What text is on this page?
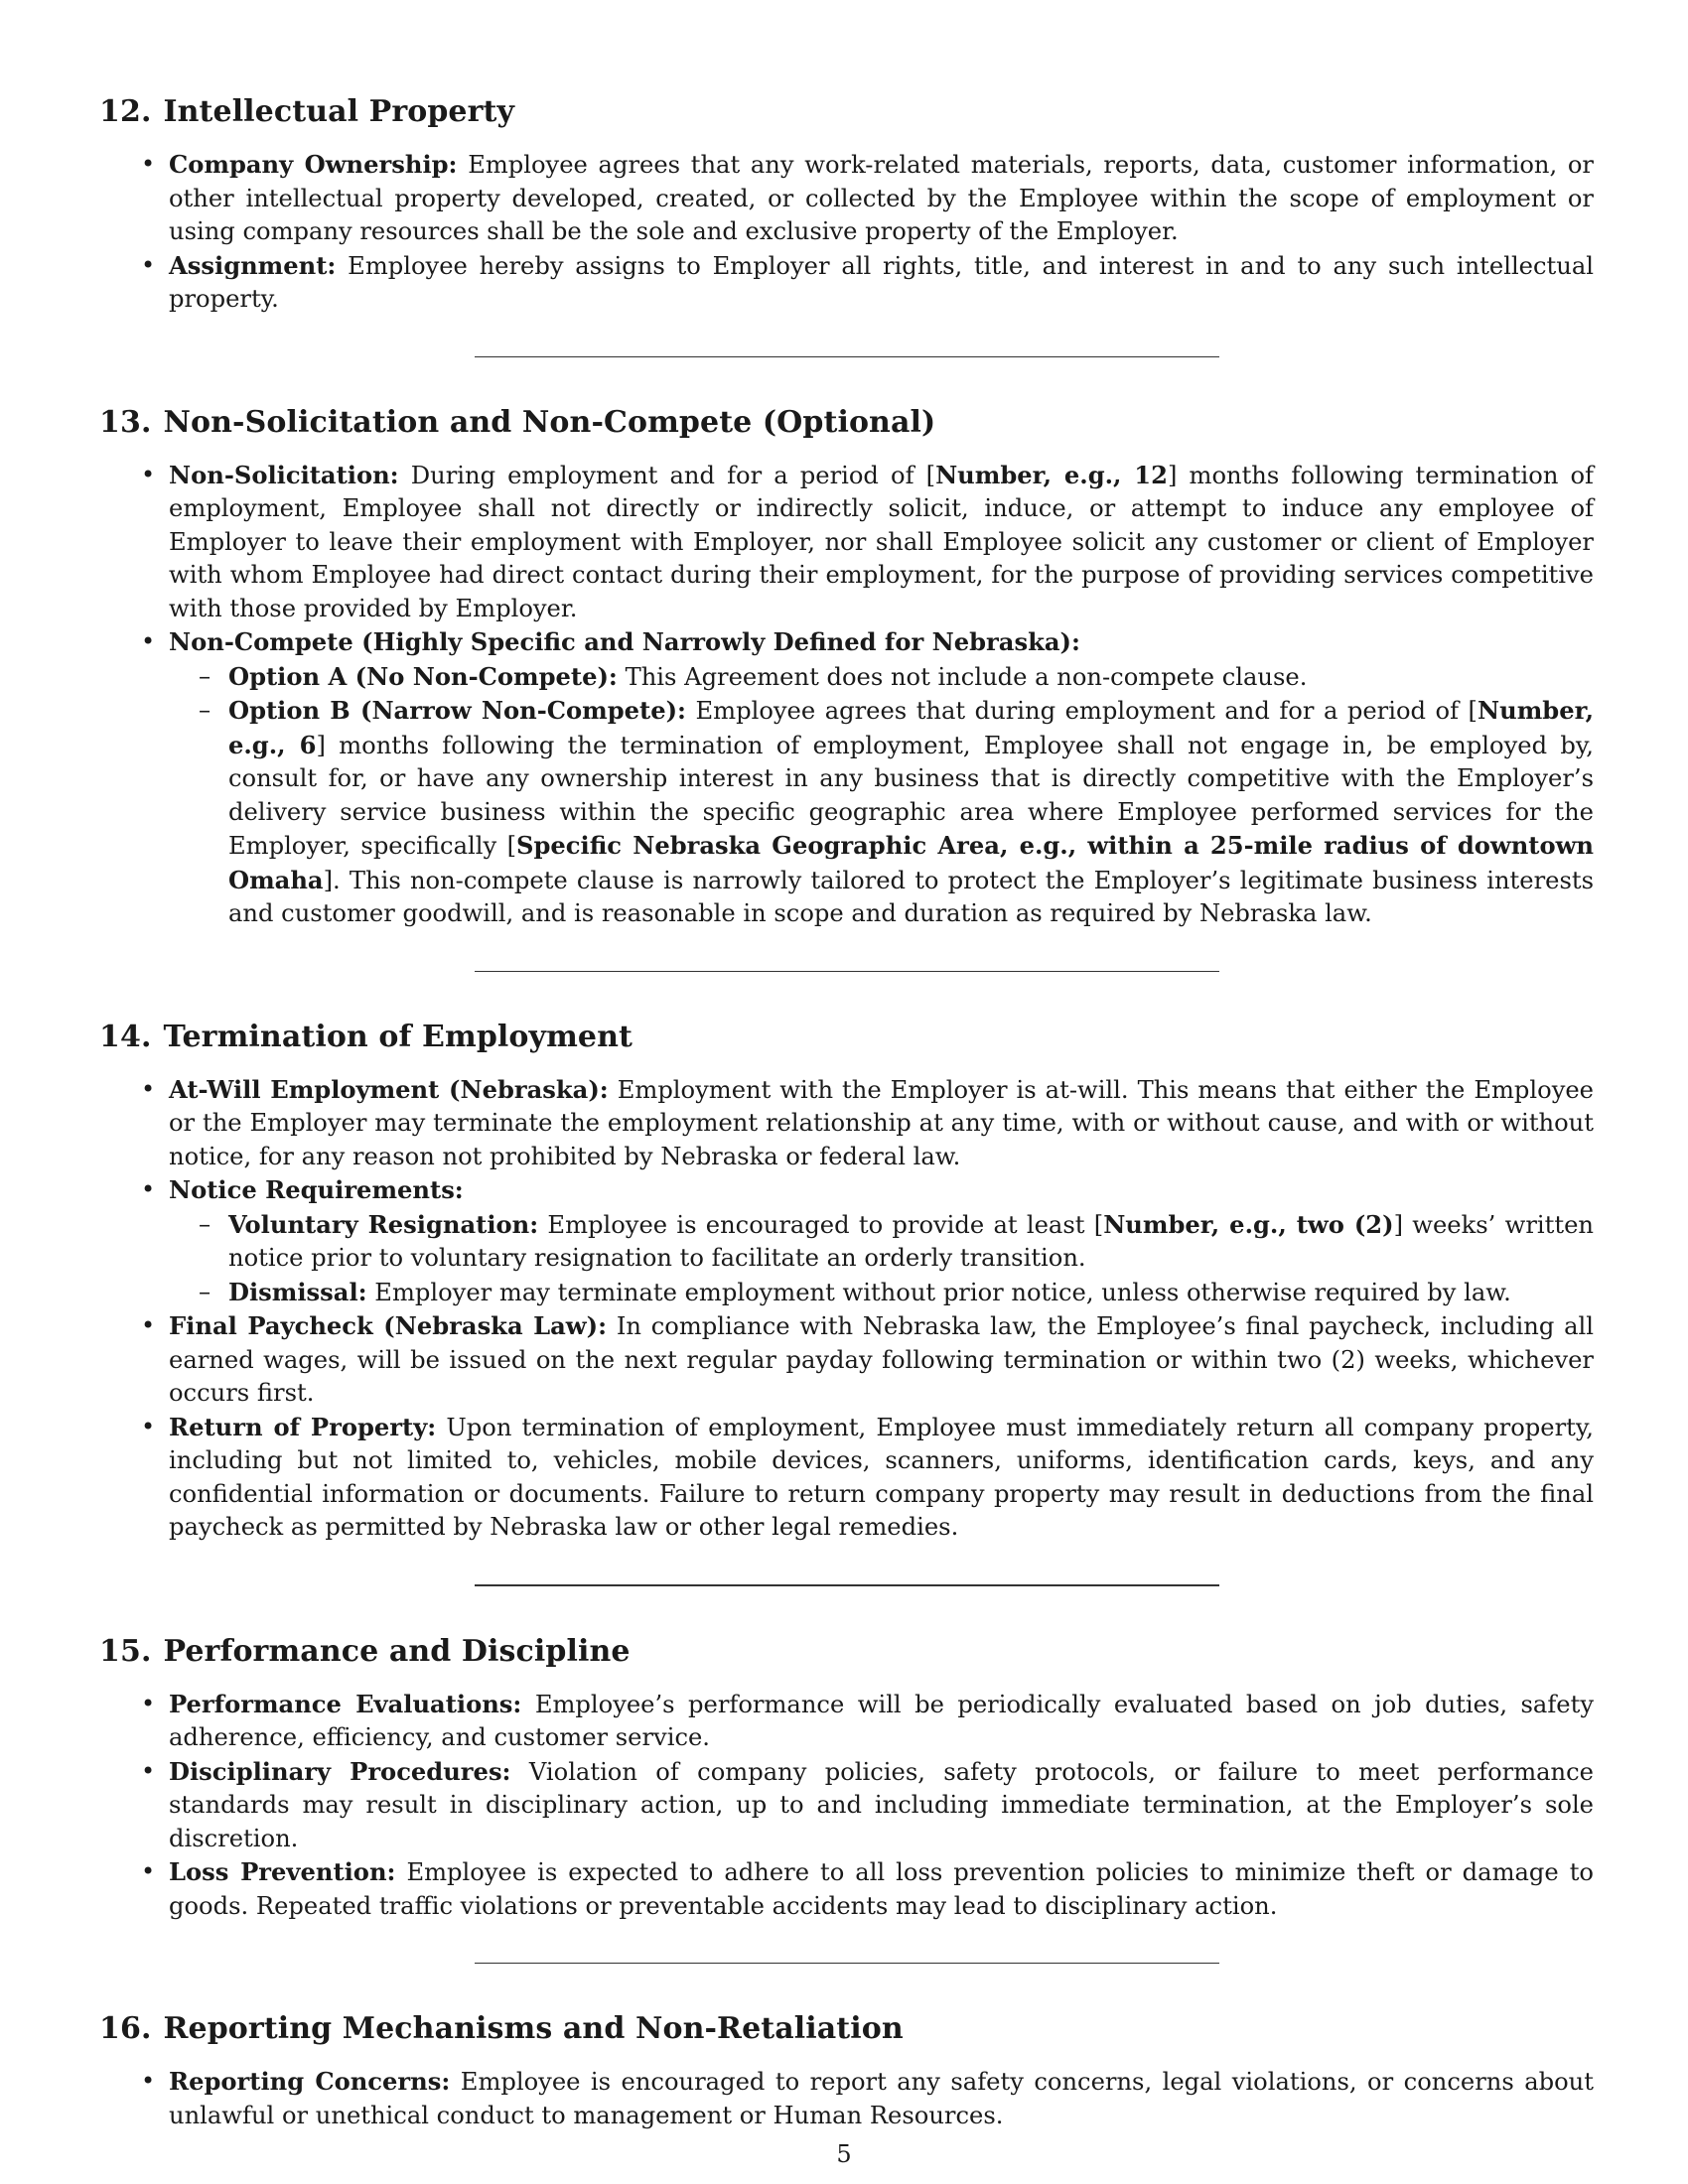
12. Intellectual Property
• Company Ownership: Employee agrees that any work-related materials, reports, data, customer information, or other intellectual property developed, created, or collected by the Employee within the scope of employment or using company resources shall be the sole and exclusive property of the Employer.
• Assignment: Employee hereby assigns to Employer all rights, title, and interest in and to any such intellectual property.
13. Non-Solicitation and Non-Compete (Optional)
• Non-Solicitation: During employment and for a period of [Number, e.g., 12] months following termination of employment, Employee shall not directly or indirectly solicit, induce, or attempt to induce any employee of Employer to leave their employment with Employer, nor shall Employee solicit any customer or client of Employer with whom Employee had direct contact during their employment, for the purpose of providing services competitive with those provided by Employer.
• Non-Compete (Highly Specific and Narrowly Defined for Nebraska):
– Option A (No Non-Compete): This Agreement does not include a non-compete clause.
– Option B (Narrow Non-Compete): Employee agrees that during employment and for a period of [Number, e.g., 6] months following the termination of employment, Employee shall not engage in, be employed by, consult for, or have any ownership interest in any business that is directly competitive with the Employer’s delivery service business within the specific geographic area where Employee performed services for the Employer, specifically [Specific Nebraska Geographic Area, e.g., within a 25-mile radius of downtown Omaha]. This non-compete clause is narrowly tailored to protect the Employer’s legitimate business interests and customer goodwill, and is reasonable in scope and duration as required by Nebraska law.
14. Termination of Employment
• At-Will Employment (Nebraska): Employment with the Employer is at-will. This means that either the Employee or the Employer may terminate the employment relationship at any time, with or without cause, and with or without notice, for any reason not prohibited by Nebraska or federal law.
• Notice Requirements:
– Voluntary Resignation: Employee is encouraged to provide at least [Number, e.g., two (2)] weeks’ written notice prior to voluntary resignation to facilitate an orderly transition.
– Dismissal: Employer may terminate employment without prior notice, unless otherwise required by law.
• Final Paycheck (Nebraska Law): In compliance with Nebraska law, the Employee’s final paycheck, including all earned wages, will be issued on the next regular payday following termination or within two (2) weeks, whichever occurs first.
• Return of Property: Upon termination of employment, Employee must immediately return all company property, including but not limited to, vehicles, mobile devices, scanners, uniforms, identification cards, keys, and any confidential information or documents. Failure to return company property may result in deductions from the final paycheck as permitted by Nebraska law or other legal remedies.
15. Performance and Discipline
• Performance Evaluations: Employee’s performance will be periodically evaluated based on job duties, safety adherence, efficiency, and customer service.
• Disciplinary Procedures: Violation of company policies, safety protocols, or failure to meet performance standards may result in disciplinary action, up to and including immediate termination, at the Employer’s sole discretion.
• Loss Prevention: Employee is expected to adhere to all loss prevention policies to minimize theft or damage to goods. Repeated traffic violations or preventable accidents may lead to disciplinary action.
16. Reporting Mechanisms and Non-Retaliation
• Reporting Concerns: Employee is encouraged to report any safety concerns, legal violations, or concerns about unlawful or unethical conduct to management or Human Resources.
5
